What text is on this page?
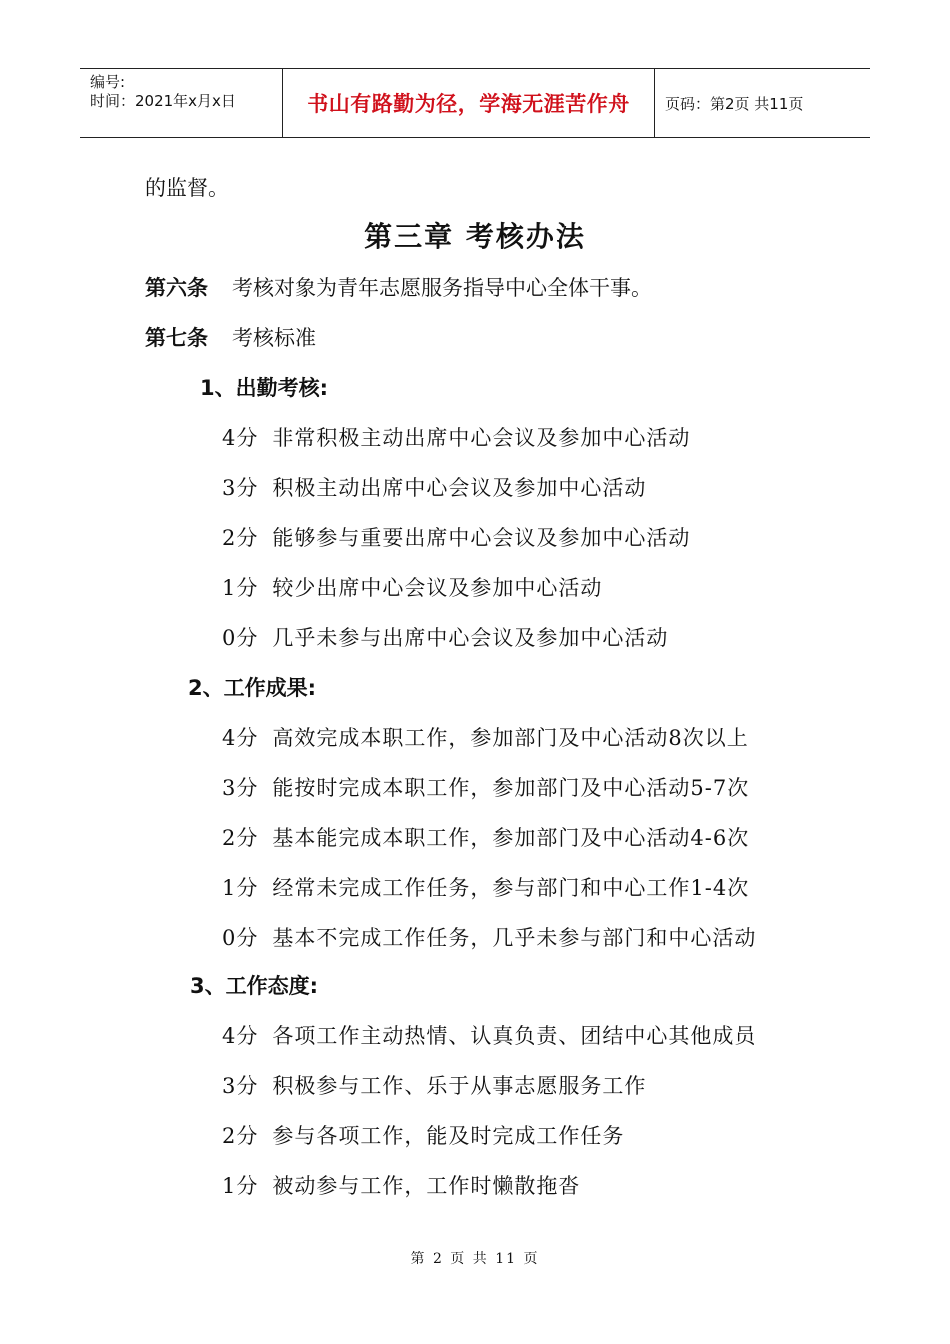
编号:
时间：2021年x月x日	书山有路勤为径，学海无涯苦作舟 页码：第2页 共11页
的监督。
第三章 考核办法
第六条 考核对象为青年志愿服务指导中心全体干事。
第七条 考核标准
1、出勤考核:
4分 非常积极主动出席中心会议及参加中心活动
3分 积极主动出席中心会议及参加中心活动
2分 能够参与重要出席中心会议及参加中心活动
1分 较少出席中心会议及参加中心活动
0分 几乎未参与出席中心会议及参加中心活动
2、工作成果:
4分 高效完成本职工作，参加部门及中心活动8次以上
3分 能按时完成本职工作，参加部门及中心活动5-7次
2分 基本能完成本职工作，参加部门及中心活动4-6次
1分 经常未完成工作任务，参与部门和中心工作1-4次
0分 基本不完成工作任务，几乎未参与部门和中心活动
3、工作态度:
4分 各项工作主动热情、认真负责、团结中心其他成员
3分 积极参与工作、乐于从事志愿服务工作
2分 参与各项工作，能及时完成工作任务
1分 被动参与工作，工作时懒散拖沓
第 2 页 共 11 页
